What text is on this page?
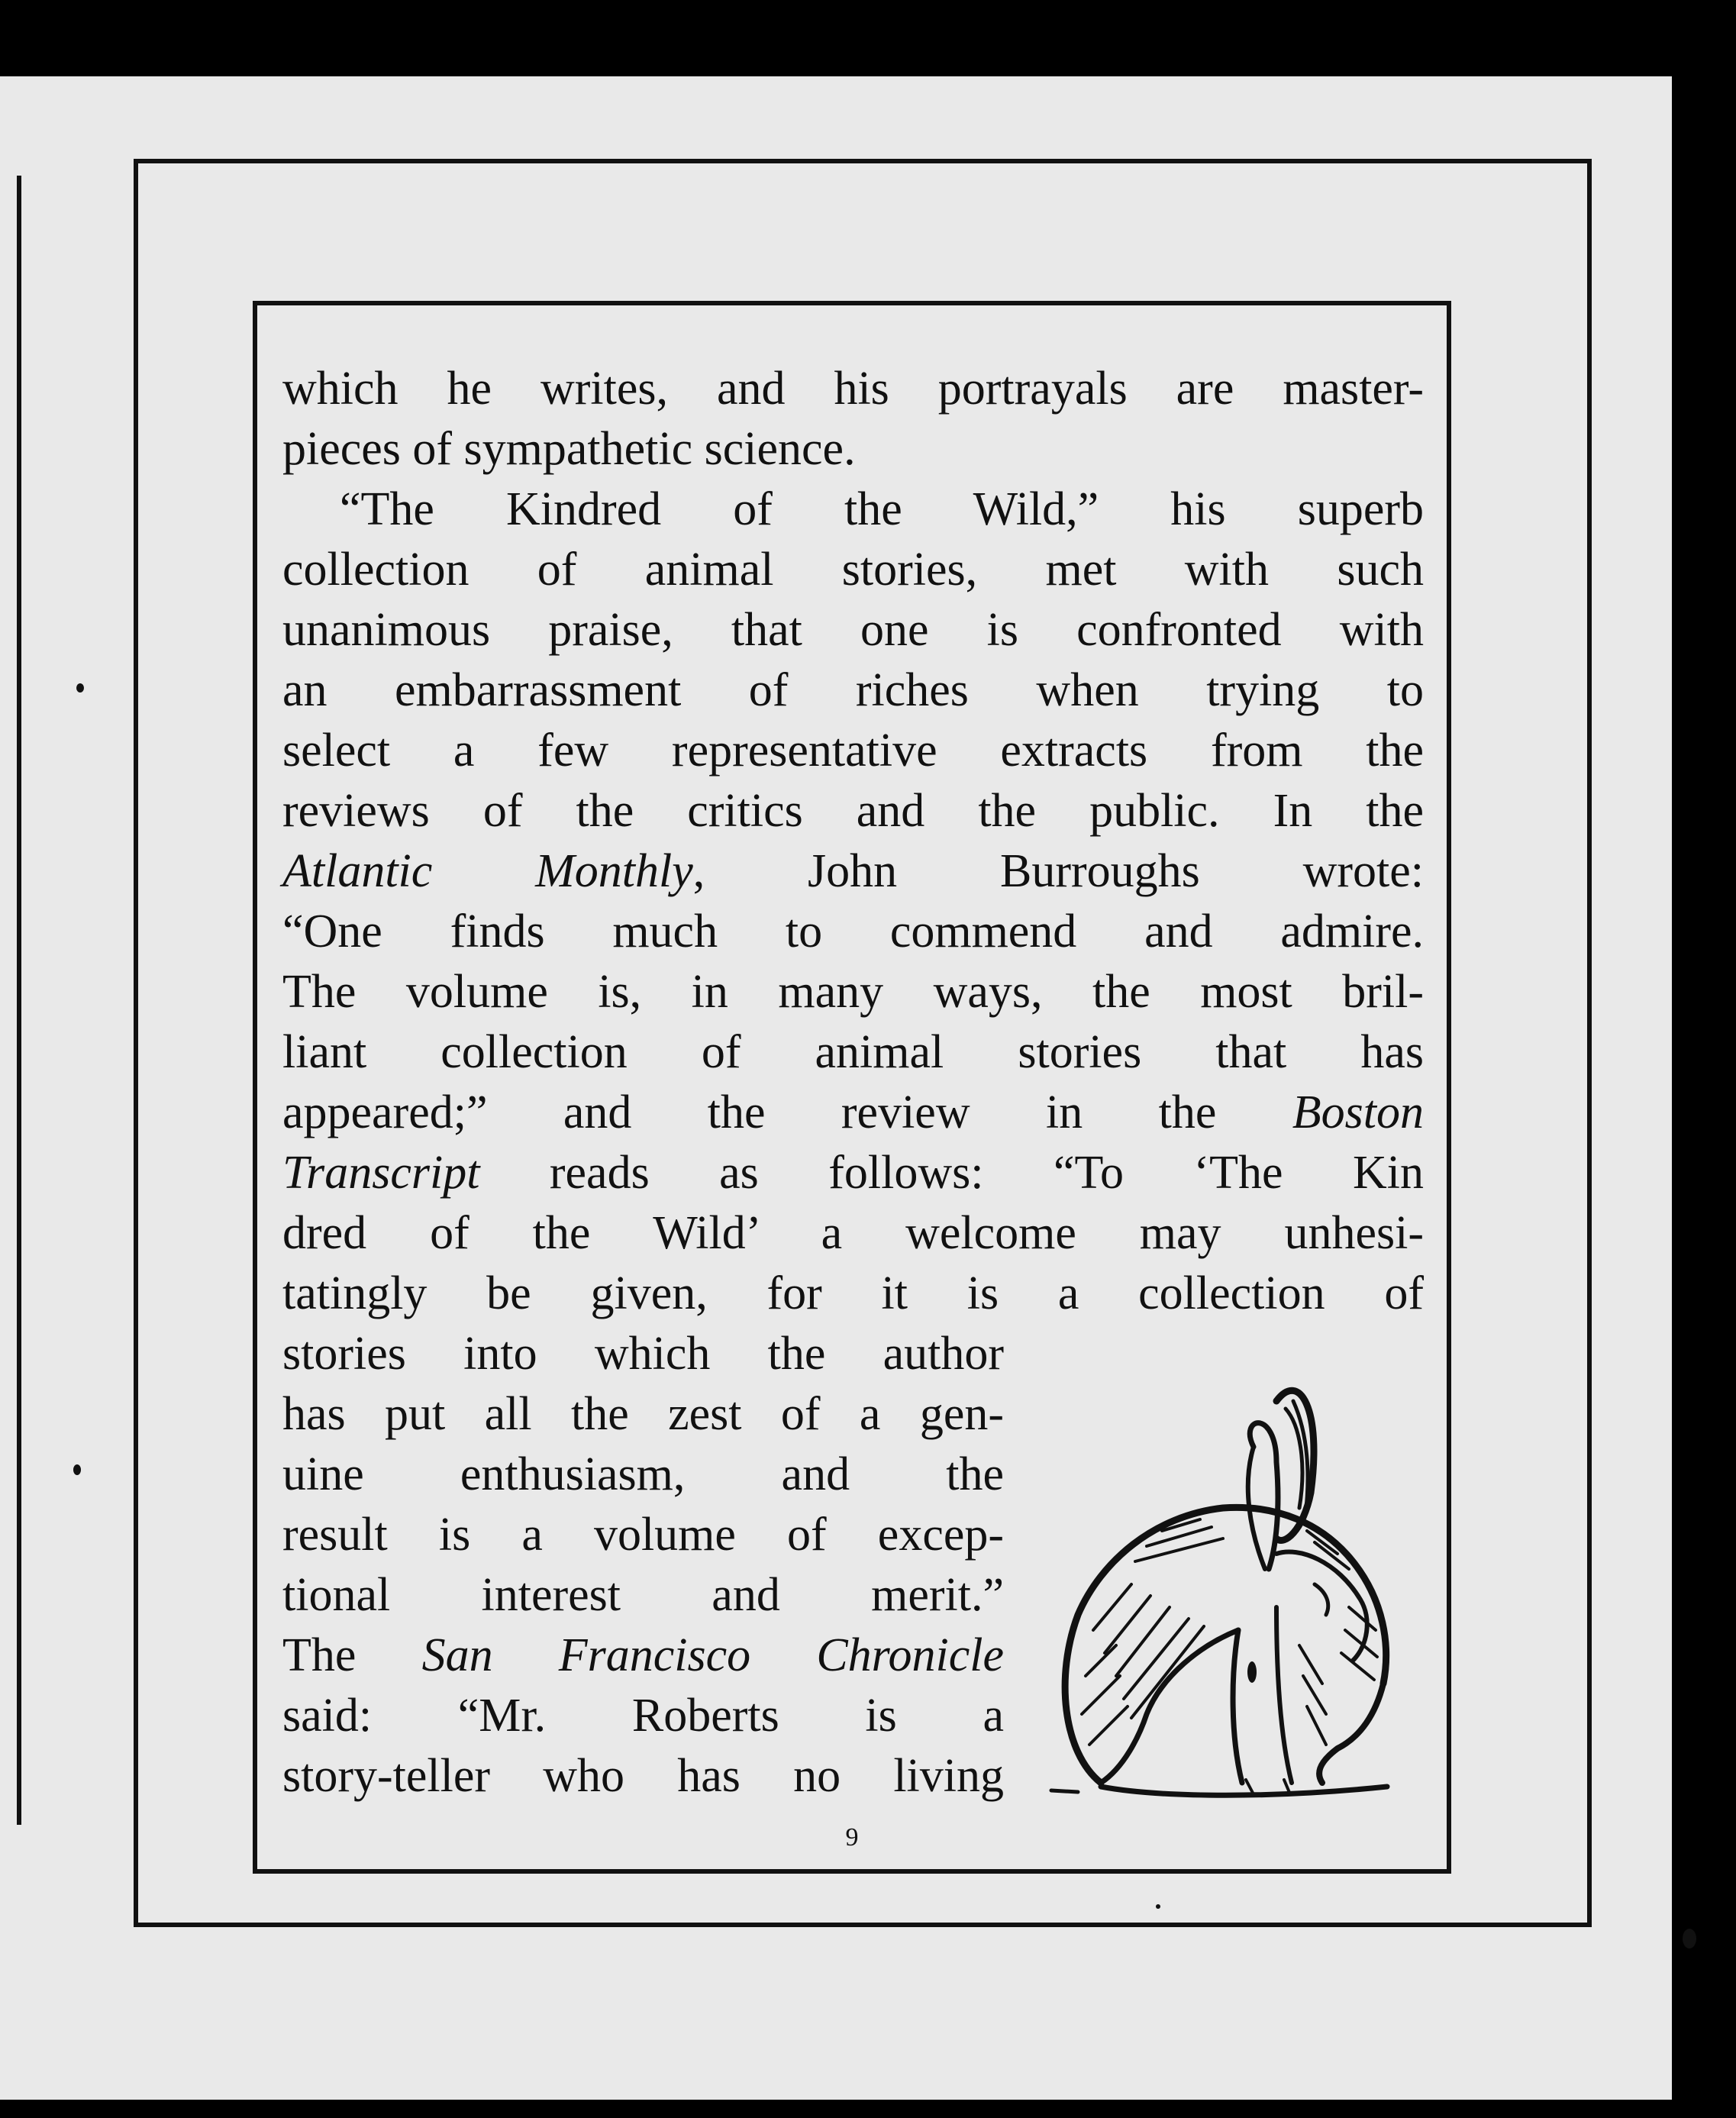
which he writes, and his portrayals are master-
pieces of sympathetic science.
“The Kindred of the Wild,” his superb
collection of animal stories, met with such
unanimous praise, that one is confronted with
an embarrassment of riches when trying to
select a few representative extracts from the
reviews of the critics and the public. In the
Atlantic Monthly, John Burroughs wrote:
“One finds much to commend and admire.
The volume is, in many ways, the most bril-
liant collection of animal stories that has
appeared;” and the review in the Boston
Transcript reads as follows: “To ‘The Kin
dred of the Wild’ a welcome may unhesi-
tatingly be given, for it is a collection of
stories into which the author
has put all the zest of a gen-
uine enthusiasm, and the
result is a volume of excep-
tional interest and merit.”
The San Francisco Chronicle
said: “Mr. Roberts is a
story-teller who has no living
9
